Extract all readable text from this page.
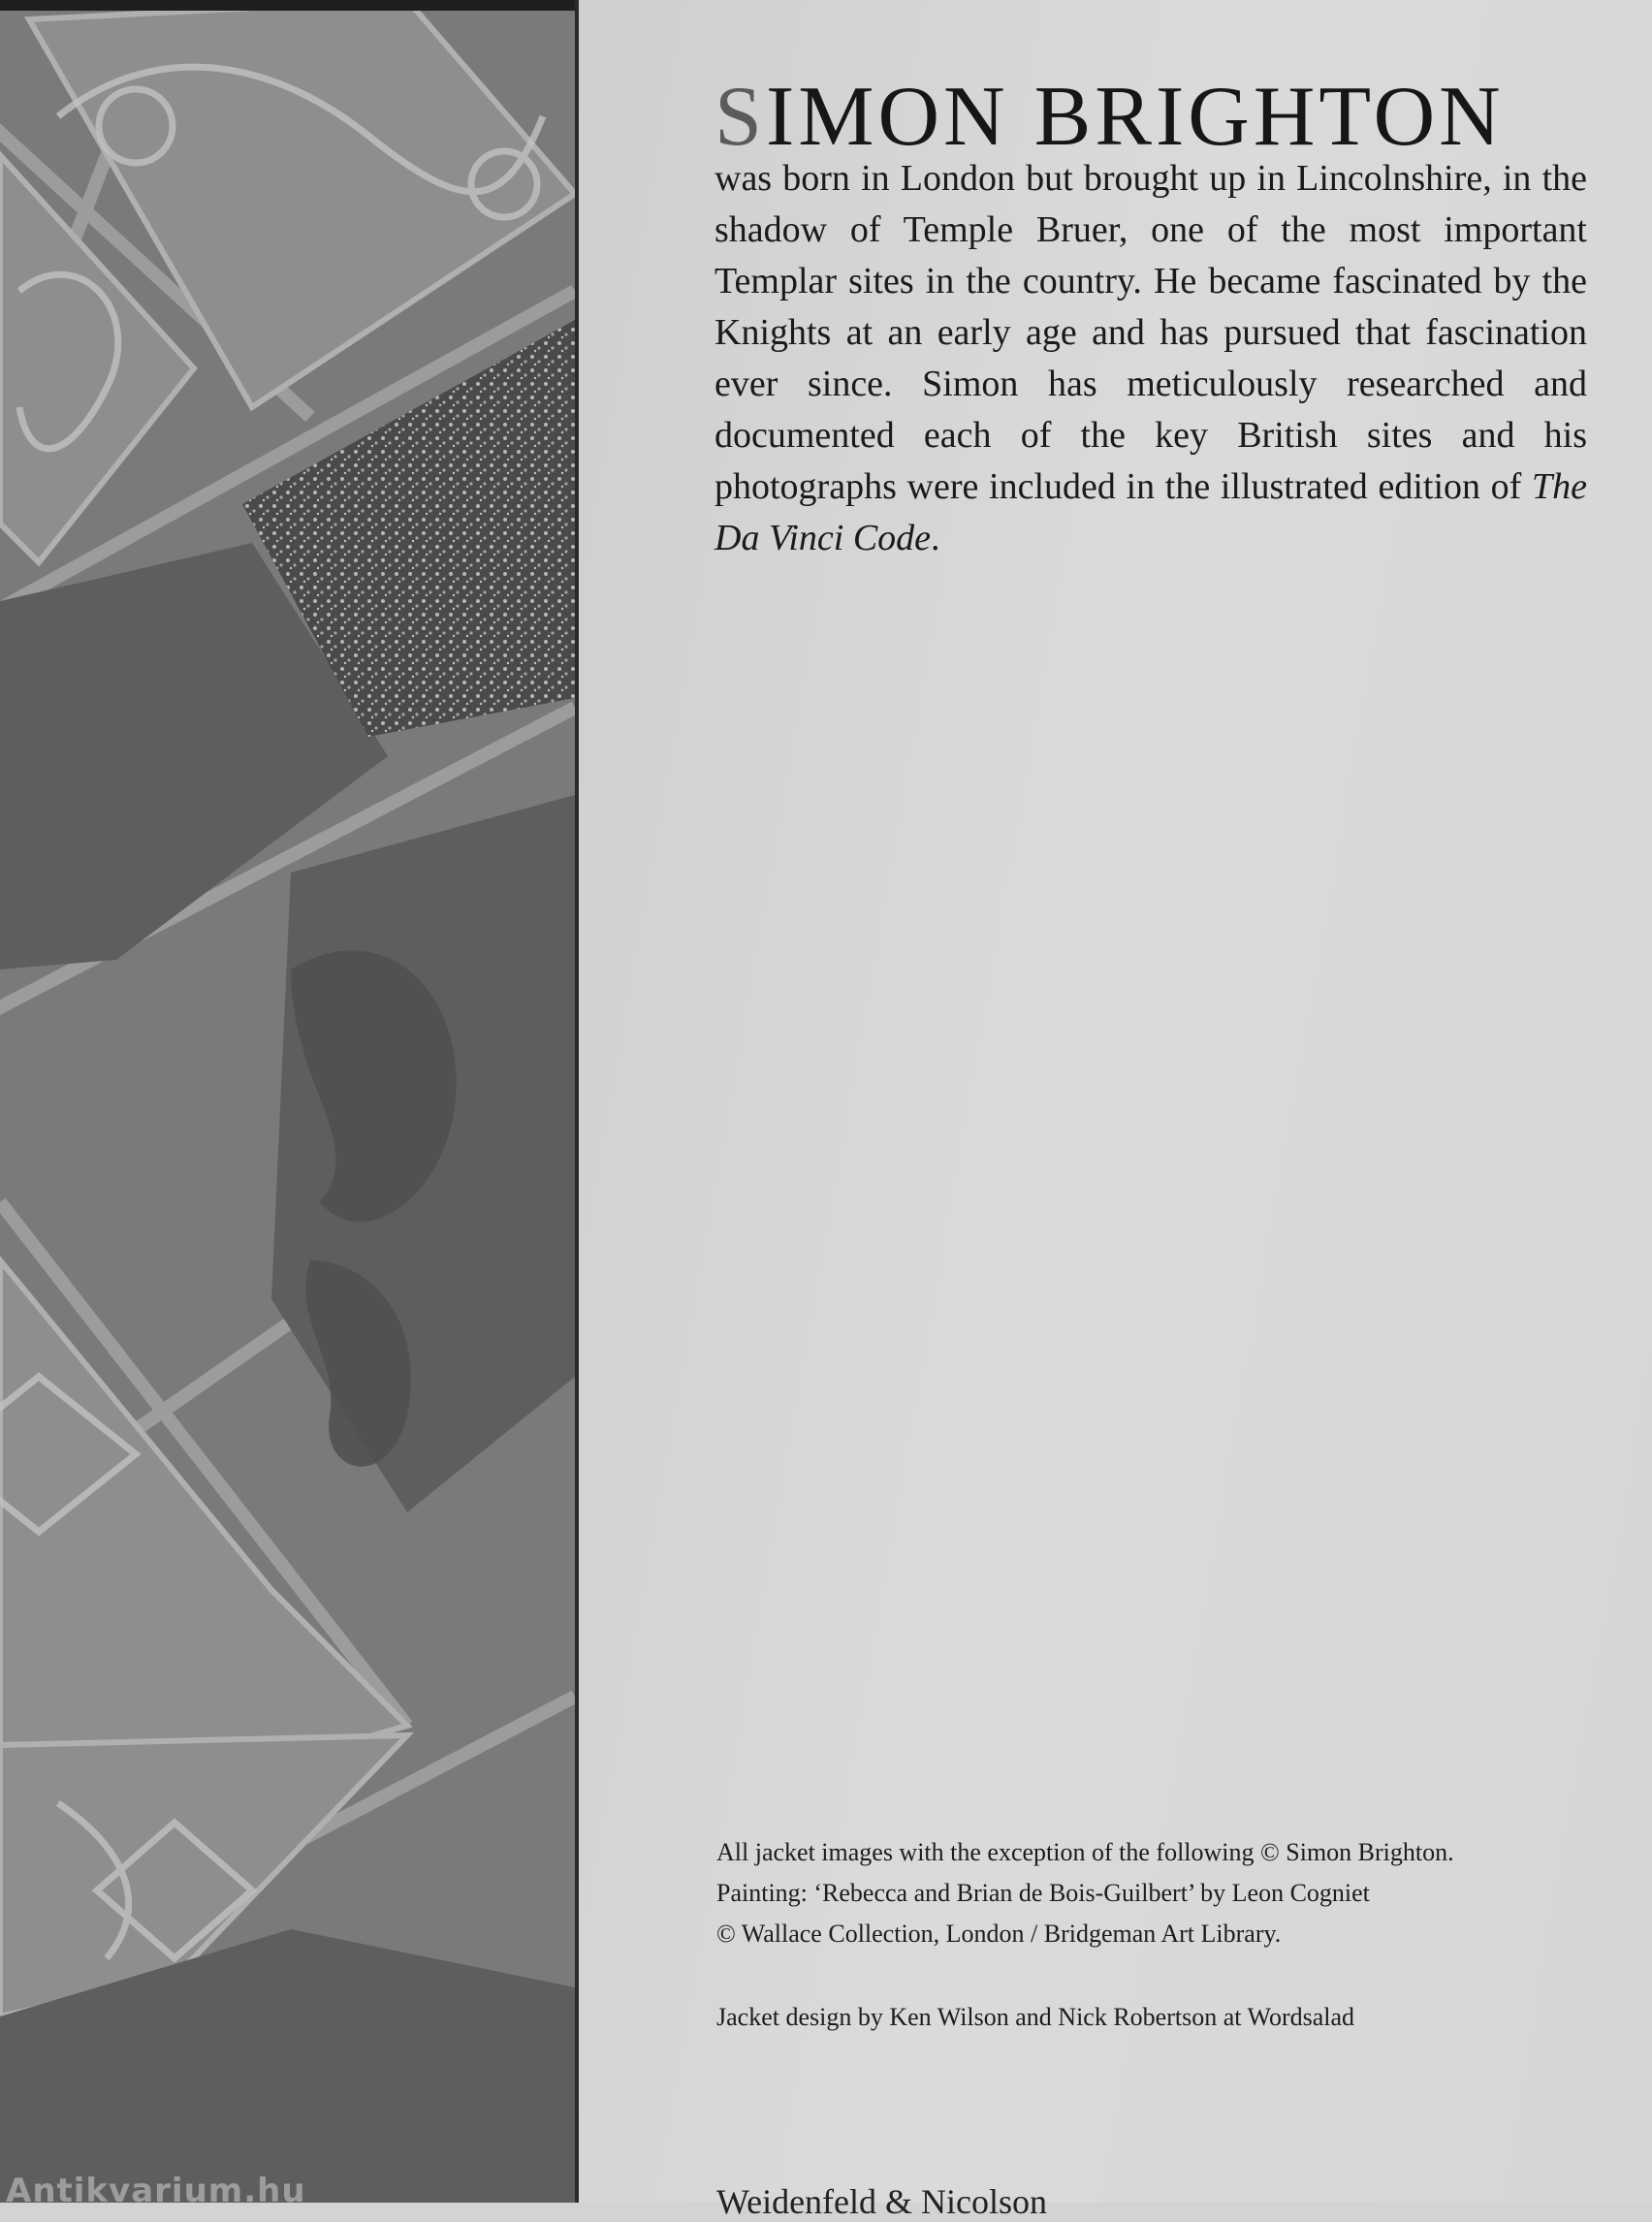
Antikvarium.hu
SIMON BRIGHTON
was born in London but brought up in Lincolnshire, in the shadow of Temple Bruer, one of the most important Templar sites in the country. He became fascinated by the Knights at an early age and has pursued that fascination ever since. Simon has meticulously researched and documented each of the key British sites and his photographs were included in the illustrated edition of The Da Vinci Code.

All jacket images with the exception of the following © Simon Brighton.

Painting: ‘Rebecca and Brian de Bois-Guilbert’ by Leon Cogniet

© Wallace Collection, London / Bridgeman Art Library.

Jacket design by Ken Wilson and Nick Robertson at Wordsalad

Weidenfeld & Nicolson
